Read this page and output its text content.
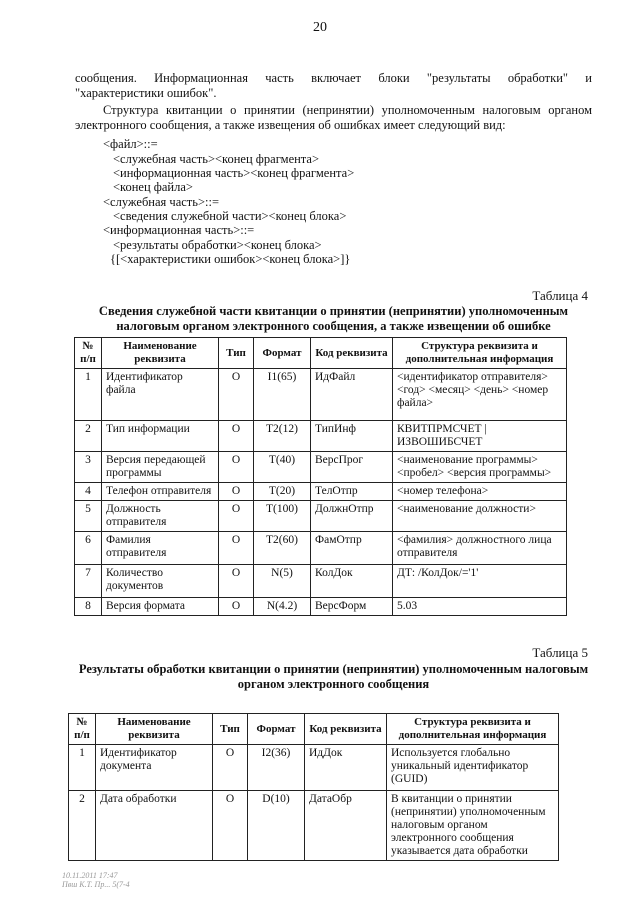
20
сообщения. Информационная часть включает блоки "результаты обработки" и
"характеристики ошибок".
Структура квитанции о принятии (непринятии) уполномоченным налоговым органом электронного сообщения, а также извещения об ошибках имеет следующий вид:
<файл>::=
<служебная часть><конец фрагмента>
<информационная часть><конец фрагмента>
<конец файла>
<служебная часть>::=
<сведения служебной части><конец блока>
<информационная часть>::=
<результаты обработки><конец блока>
{[<характеристики ошибок><конец блока>]}
Таблица 4
Сведения служебной части квитанции о принятии (непринятии) уполномоченным налоговым органом электронного сообщения, а также извещении об ошибке
№ п/п	Наименование реквизита	Тип	Формат	Код реквизита	Структура реквизита и дополнительная информация
1	Идентификатор файла	О	I1(65)	ИдФайл	<идентификатор отправителя> <год> <месяц> <день> <номер файла>
2	Тип информации	О	T2(12)	ТипИнф	КВИТПРМСЧЕТ | ИЗВОШИБСЧЕТ
3	Версия передающей программы	О	T(40)	ВерсПрог	<наименование программы> <пробел> <версия программы>
4	Телефон отправителя	О	T(20)	ТелОтпр	<номер телефона>
5	Должность отправителя	О	T(100)	ДолжнОтпр	<наименование должности>
6	Фамилия отправителя	О	T2(60)	ФамОтпр	<фамилия> должностного лица отправителя
7	Количество документов	О	N(5)	КолДок	ДТ: /КолДок/='1'
8	Версия формата	О	N(4.2)	ВерсФорм	5.03
Таблица 5
Результаты обработки квитанции о принятии (непринятии) уполномоченным налоговым органом электронного сообщения
№ п/п	Наименование реквизита	Тип	Формат	Код реквизита	Структура реквизита и дополнительная информация
1	Идентификатор документа	О	I2(36)	ИдДок	Используется глобально уникальный идентификатор (GUID)
2	Дата обработки	О	D(10)	ДатаОбр	В квитанции о принятии (непринятии) уполномоченным налоговым органом электронного сообщения указывается дата обработки
10.11.2011 17:47
Пвш К.Т. Пр... 5(7-4
